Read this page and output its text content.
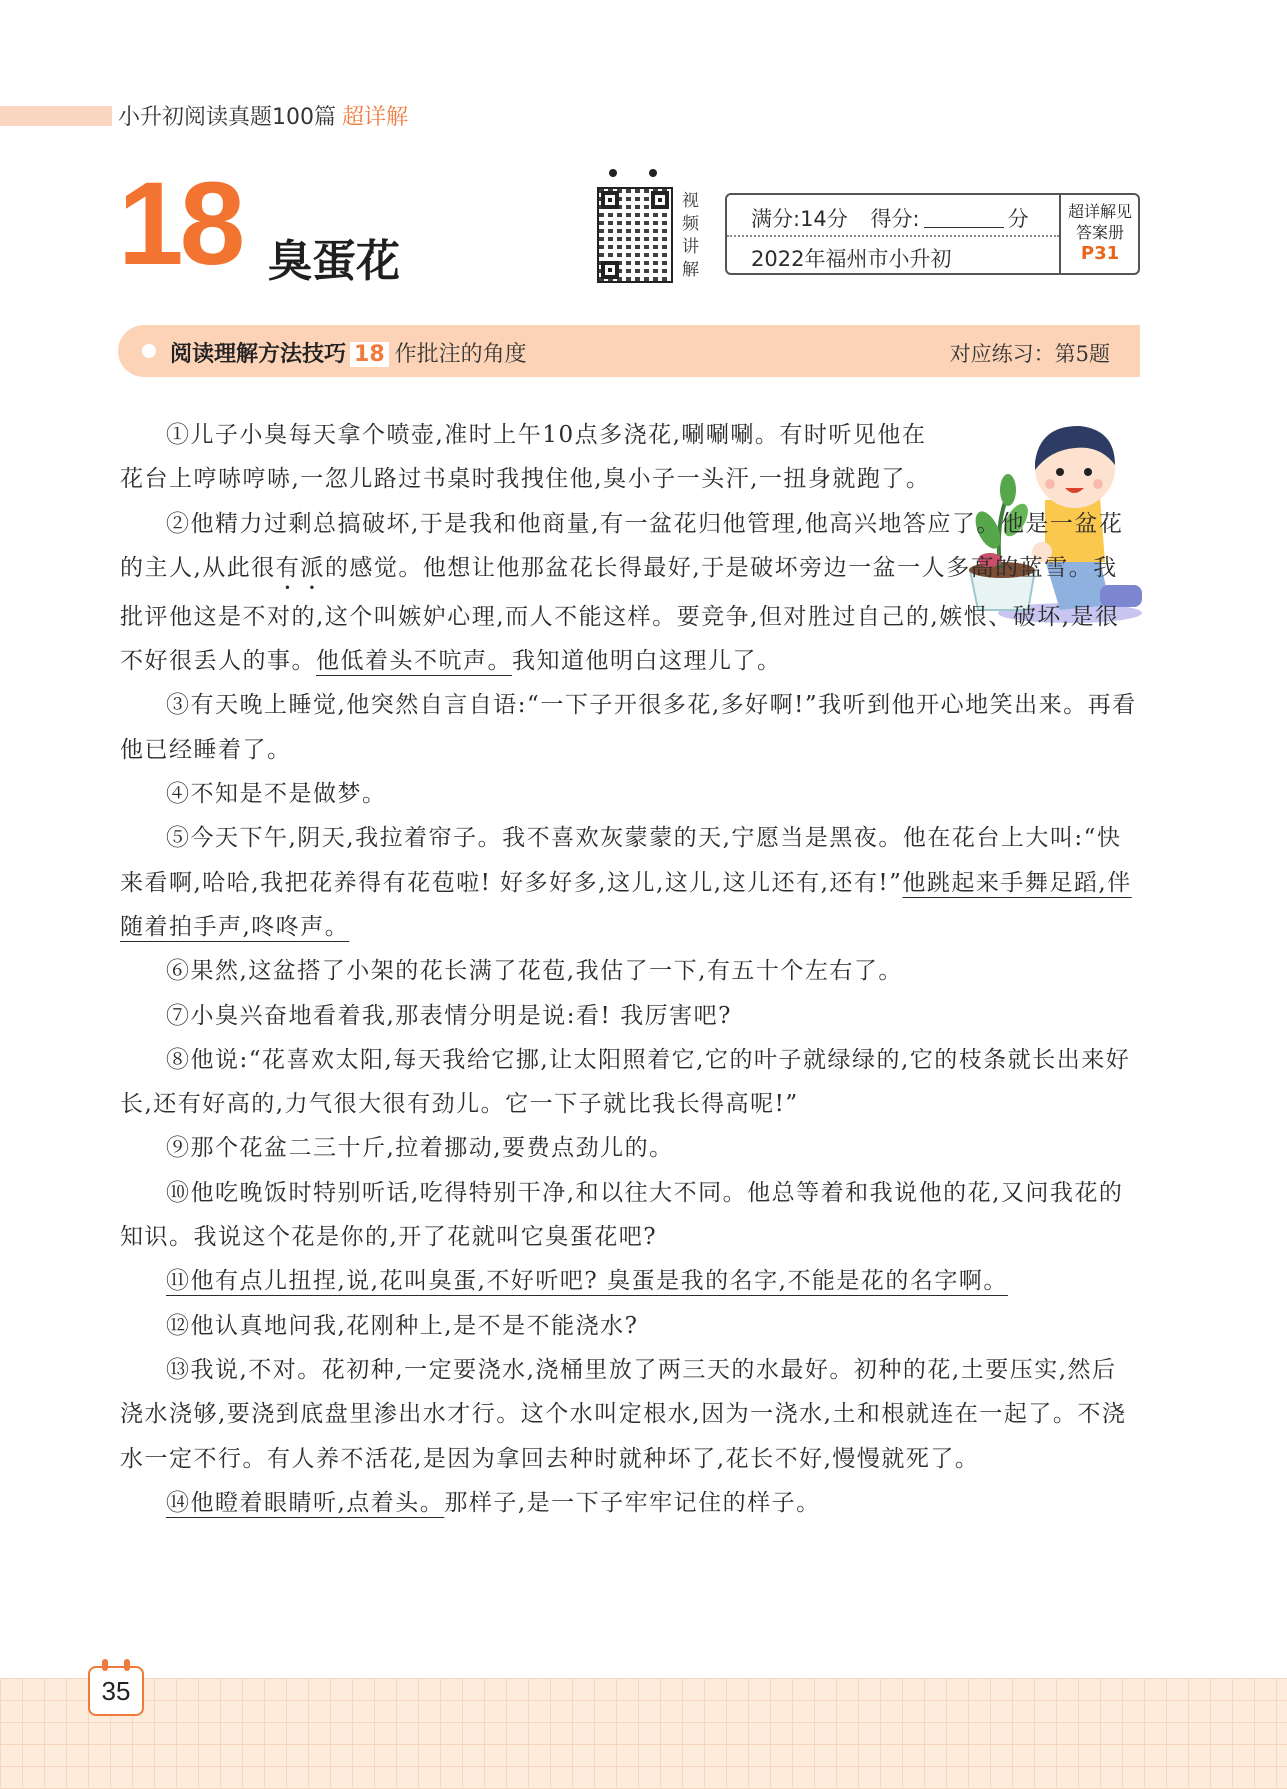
小升初阅读真题100篇 超详解
18 臭蛋花
视频讲解
满分:14分 得分:	分
2022年福州市小升初
超详解见
答案册
P31
阅读理解方法技巧 18 作批注的角度	对应练习：第5题

①儿子小臭每天拿个喷壶,准时上午10点多浇花,唰唰唰。有时听见他在花台上哼哧哼哧,一忽儿路过书桌时我拽住他,臭小子一头汗,一扭身就跑了。

②他精力过剩总搞破坏,于是我和他商量,有一盆花归他管理,他高兴地答应了。他是一盆花的主人,从此很有派的感觉。他想让他那盆花长得最好,于是破坏旁边一盆一人多高的蓝雪。我批评他这是不对的,这个叫嫉妒心理,而人不能这样。要竞争,但对胜过自己的,嫉恨、破坏,是很不好很丢人的事。他低着头不吭声。我知道他明白这理儿了。

③有天晚上睡觉,他突然自言自语:“一下子开很多花,多好啊!”我听到他开心地笑出来。再看他已经睡着了。

④不知是不是做梦。

⑤今天下午,阴天,我拉着帘子。我不喜欢灰蒙蒙的天,宁愿当是黑夜。他在花台上大叫:“快来看啊,哈哈,我把花养得有花苞啦! 好多好多,这儿,这儿,这儿还有,还有!”他跳起来手舞足蹈,伴随着拍手声,咚咚声。

⑥果然,这盆搭了小架的花长满了花苞,我估了一下,有五十个左右了。

⑦小臭兴奋地看着我,那表情分明是说:看! 我厉害吧?

⑧他说:“花喜欢太阳,每天我给它挪,让太阳照着它,它的叶子就绿绿的,它的枝条就长出来好长,还有好高的,力气很大很有劲儿。它一下子就比我长得高呢!”

⑨那个花盆二三十斤,拉着挪动,要费点劲儿的。

⑩他吃晚饭时特别听话,吃得特别干净,和以往大不同。他总等着和我说他的花,又问我花的知识。我说这个花是你的,开了花就叫它臭蛋花吧?

⑪他有点儿扭捏,说,花叫臭蛋,不好听吧? 臭蛋是我的名字,不能是花的名字啊。

⑫他认真地问我,花刚种上,是不是不能浇水?

⑬我说,不对。花初种,一定要浇水,浇桶里放了两三天的水最好。初种的花,土要压实,然后浇水浇够,要浇到底盘里渗出水才行。这个水叫定根水,因为一浇水,土和根就连在一起了。不浇水一定不行。有人养不活花,是因为拿回去种时就种坏了,花长不好,慢慢就死了。

⑭他瞪着眼睛听,点着头。那样子,是一下子牢牢记住的样子。

35
